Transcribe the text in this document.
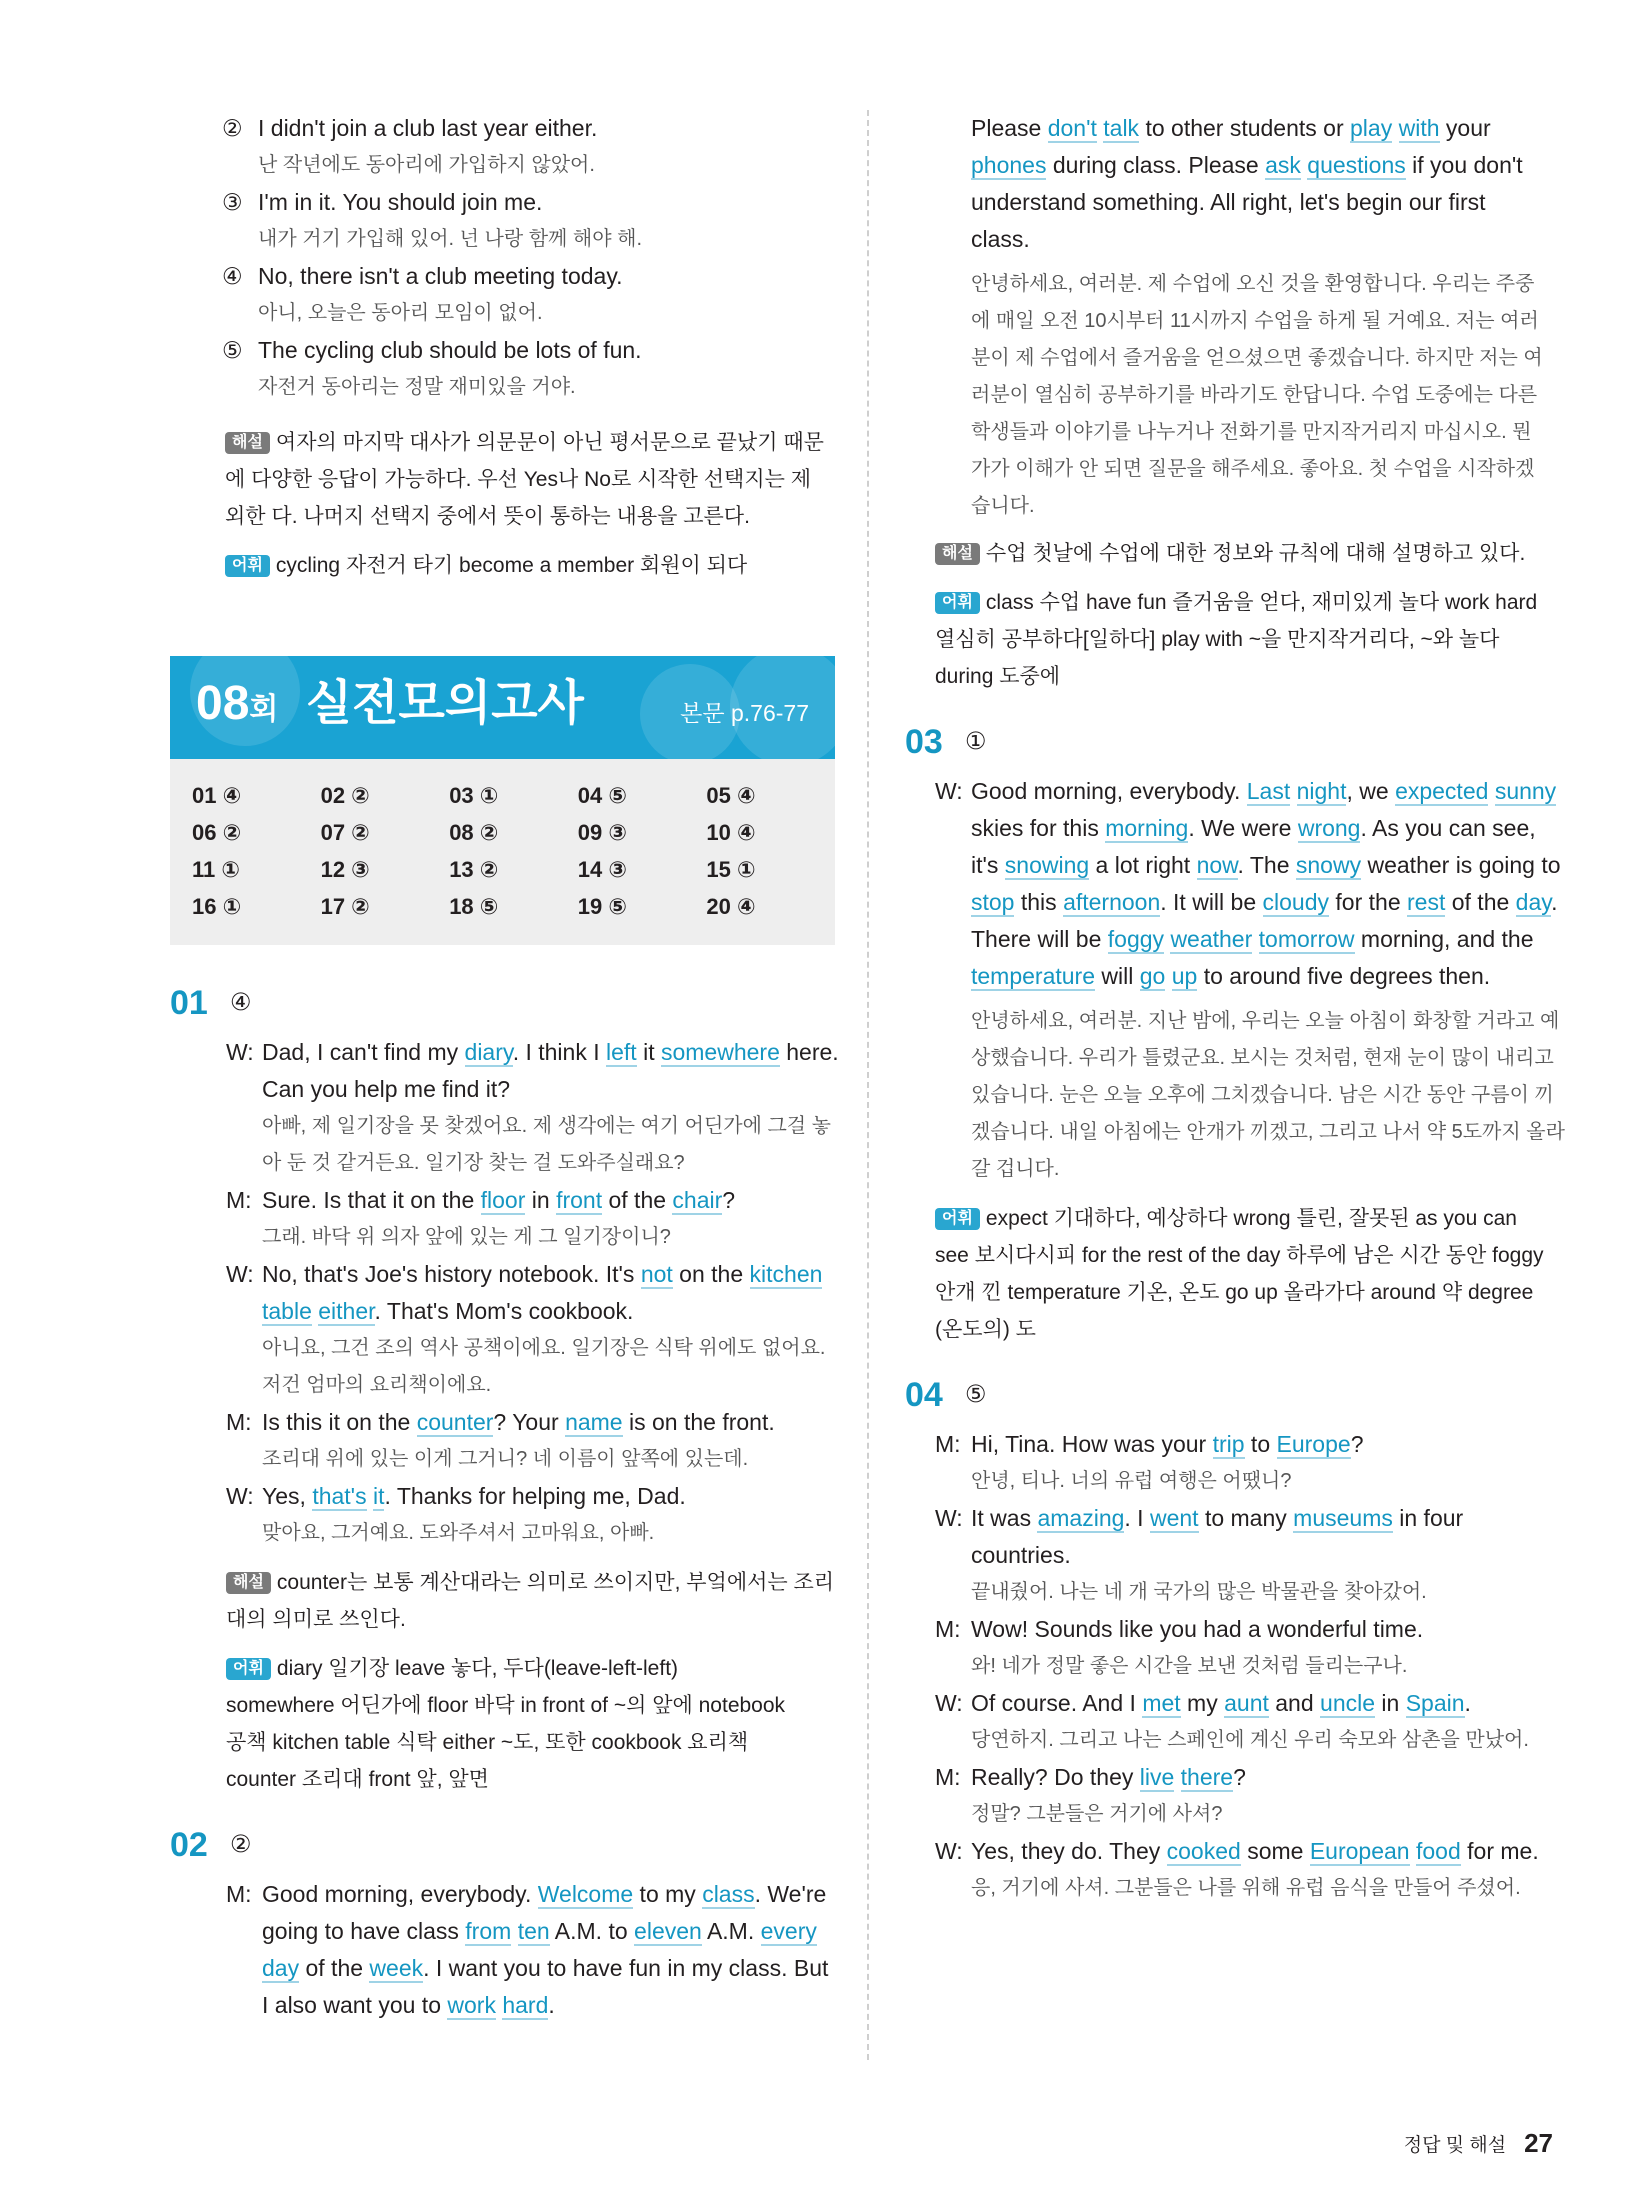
② I didn't join a club last year either.
난 작년에도 동아리에 가입하지 않았어.
③ I'm in it. You should join me.
내가 거기 가입해 있어. 넌 나랑 함께 해야 해.
④ No, there isn't a club meeting today.
아니, 오늘은 동아리 모임이 없어.
⑤ The cycling club should be lots of fun.
자전거 동아리는 정말 재미있을 거야.
해설 여자의 마지막 대사가 의문문이 아닌 평서문으로 끝났기 때문에 다양한 응답이 가능하다. 우선 Yes나 No로 시작한 선택지는 제외한 다. 나머지 선택지 중에서 뜻이 통하는 내용을 고른다.
어휘 cycling 자전거 타기 become a member 회원이 되다
08회 실전모의고사	본문 p.76-77
01 ④	02 ②	03 ①	04 ⑤	05 ④
06 ②	07 ②	08 ②	09 ③	10 ④
11 ①	12 ③	13 ②	14 ③	15 ①
16 ①	17 ②	18 ⑤	19 ⑤	20 ④
01 ④
W: Dad, I can't find my diary. I think I left it somewhere here. Can you help me find it?
아빠, 제 일기장을 못 찾겠어요. 제 생각에는 여기 어딘가에 그걸 놓아 둔 것 같거든요. 일기장 찾는 걸 도와주실래요?
M: Sure. Is that it on the floor in front of the chair?
그래. 바닥 위 의자 앞에 있는 게 그 일기장이니?
W: No, that's Joe's history notebook. It's not on the kitchen table either. That's Mom's cookbook.
아니요, 그건 조의 역사 공책이에요. 일기장은 식탁 위에도 없어요. 저건 엄마의 요리책이에요.
M: Is this it on the counter? Your name is on the front.
조리대 위에 있는 이게 그거니? 네 이름이 앞쪽에 있는데.
W: Yes, that's it. Thanks for helping me, Dad.
맞아요, 그거예요. 도와주셔서 고마워요, 아빠.
해설 counter는 보통 계산대라는 의미로 쓰이지만, 부엌에서는 조리대의 의미로 쓰인다.
어휘 diary 일기장 leave 놓다, 두다(leave-left-left) somewhere 어딘가에 floor 바닥 in front of ~의 앞에 notebook 공책 kitchen table 식탁 either ~도, 또한 cookbook 요리책 counter 조리대 front 앞, 앞면
02 ②
M: Good morning, everybody. Welcome to my class. We're going to have class from ten A.M. to eleven A.M. every day of the week. I want you to have fun in my class. But I also want you to work hard.
Please don't talk to other students or play with your phones during class. Please ask questions if you don't understand something. All right, let's begin our first class.
안녕하세요, 여러분. 제 수업에 오신 것을 환영합니다. 우리는 주중에 매일 오전 10시부터 11시까지 수업을 하게 될 거예요. 저는 여러분이 제 수업에서 즐거움을 얻으셨으면 좋겠습니다. 하지만 저는 여러분이 열심히 공부하기를 바라기도 한답니다. 수업 도중에는 다른 학생들과 이야기를 나누거나 전화기를 만지작거리지 마십시오. 뭔가가 이해가 안 되면 질문을 해주세요. 좋아요. 첫 수업을 시작하겠습니다.
해설 수업 첫날에 수업에 대한 정보와 규칙에 대해 설명하고 있다.
어휘 class 수업 have fun 즐거움을 얻다, 재미있게 놀다 work hard 열심히 공부하다[일하다] play with ~을 만지작거리다, ~와 놀다 during 도중에
03 ①
W: Good morning, everybody. Last night, we expected sunny skies for this morning. We were wrong. As you can see, it's snowing a lot right now. The snowy weather is going to stop this afternoon. It will be cloudy for the rest of the day. There will be foggy weather tomorrow morning, and the temperature will go up to around five degrees then.
안녕하세요, 여러분. 지난 밤에, 우리는 오늘 아침이 화창할 거라고 예상했습니다. 우리가 틀렸군요. 보시는 것처럼, 현재 눈이 많이 내리고 있습니다. 눈은 오늘 오후에 그치겠습니다. 남은 시간 동안 구름이 끼겠습니다. 내일 아침에는 안개가 끼겠고, 그리고 나서 약 5도까지 올라갈 겁니다.
어휘 expect 기대하다, 예상하다 wrong 틀린, 잘못된 as you can see 보시다시피 for the rest of the day 하루에 남은 시간 동안 foggy 안개 낀 temperature 기온, 온도 go up 올라가다 around 약 degree (온도의) 도
04 ⑤
M: Hi, Tina. How was your trip to Europe?
안녕, 티나. 너의 유럽 여행은 어땠니?
W: It was amazing. I went to many museums in four countries.
끝내줬어. 나는 네 개 국가의 많은 박물관을 찾아갔어.
M: Wow! Sounds like you had a wonderful time.
와! 네가 정말 좋은 시간을 보낸 것처럼 들리는구나.
W: Of course. And I met my aunt and uncle in Spain.
당연하지. 그리고 나는 스페인에 계신 우리 숙모와 삼촌을 만났어.
M: Really? Do they live there?
정말? 그분들은 거기에 사셔?
W: Yes, they do. They cooked some European food for me.
응, 거기에 사셔. 그분들은 나를 위해 유럽 음식을 만들어 주셨어.
정답 및 해설 27
